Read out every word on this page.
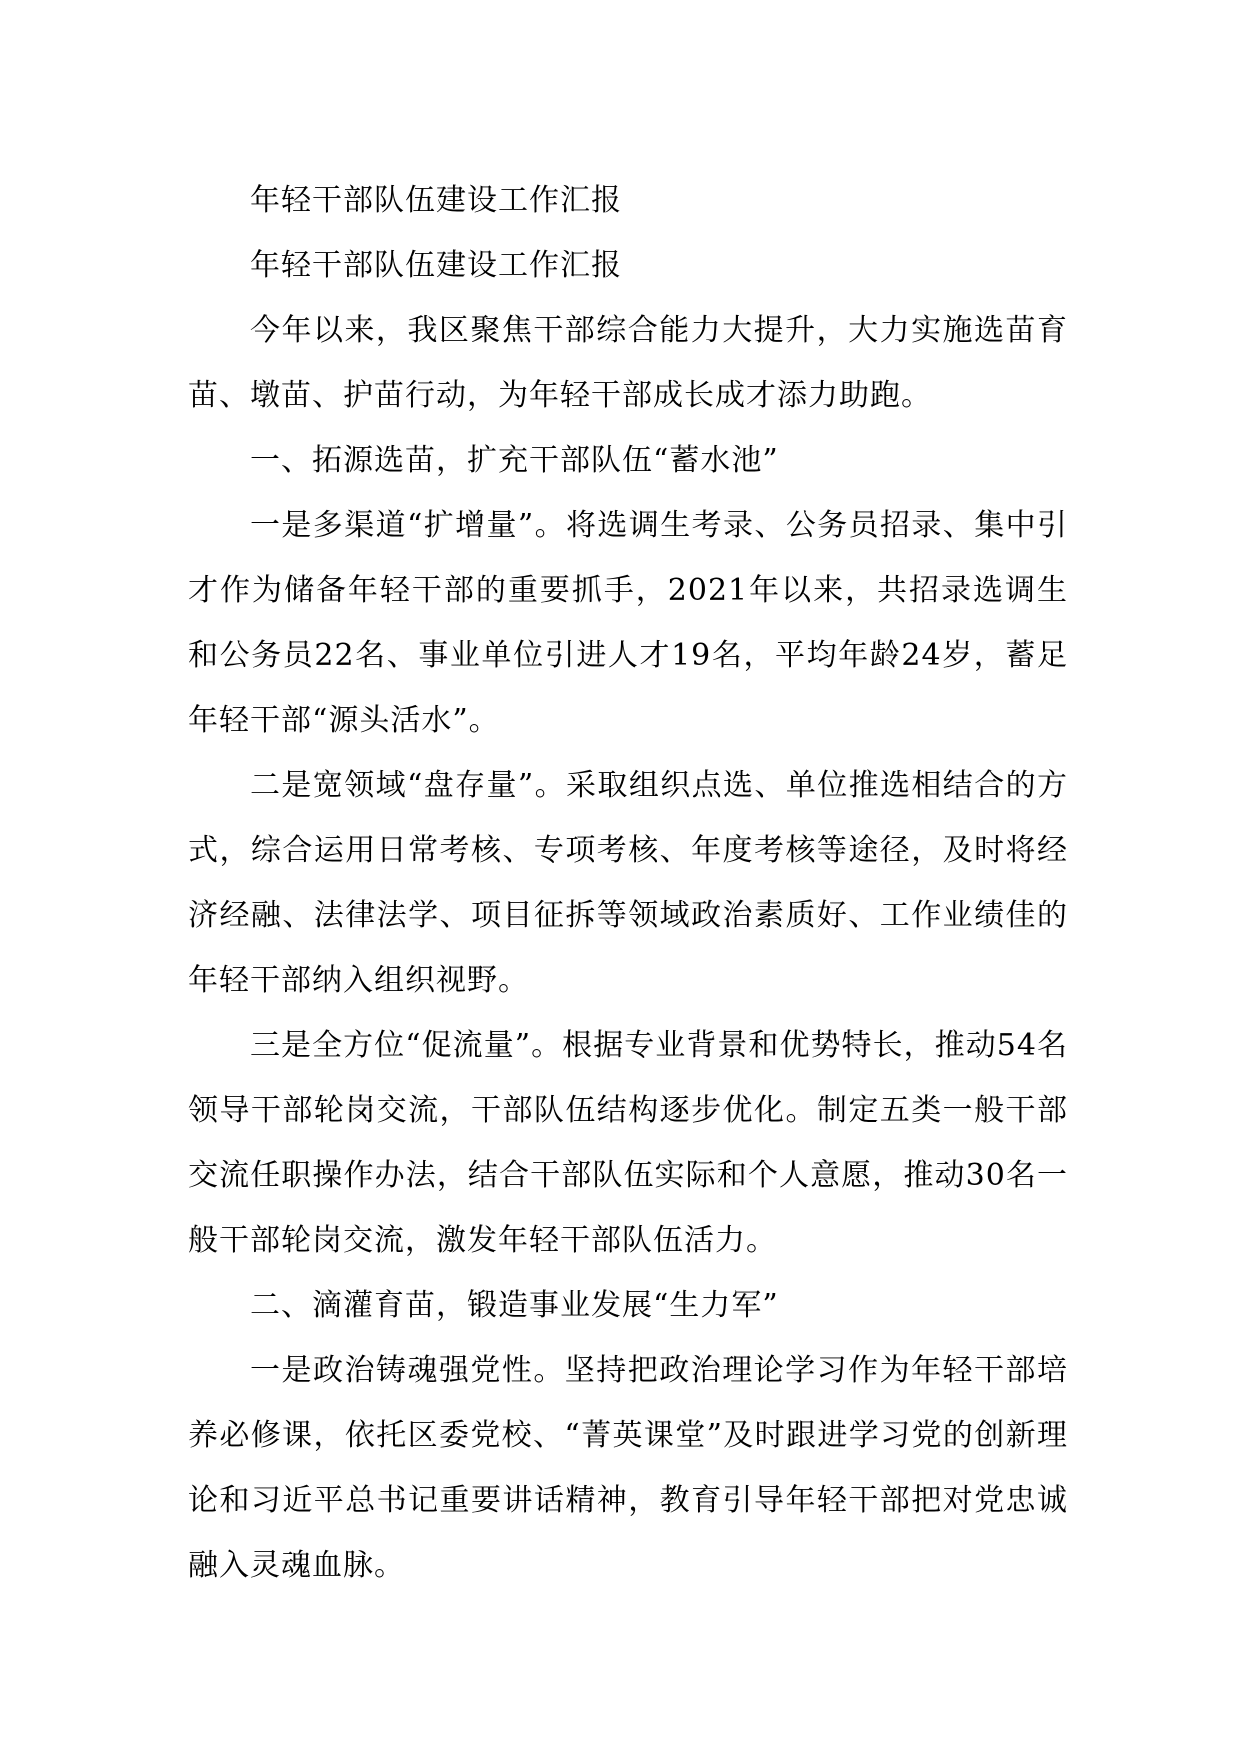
年轻干部队伍建设工作汇报

年轻干部队伍建设工作汇报

今年以来，我区聚焦干部综合能力大提升，大力实施选苗育苗、墩苗、护苗行动，为年轻干部成长成才添力助跑。

一、拓源选苗，扩充干部队伍“蓄水池”

一是多渠道“扩增量”。将选调生考录、公务员招录、集中引才作为储备年轻干部的重要抓手，2021年以来，共招录选调生和公务员22名、事业单位引进人才19名，平均年龄24岁，蓄足年轻干部“源头活水”。

二是宽领域“盘存量”。采取组织点选、单位推选相结合的方式，综合运用日常考核、专项考核、年度考核等途径，及时将经济经融、法律法学、项目征拆等领域政治素质好、工作业绩佳的年轻干部纳入组织视野。

三是全方位“促流量”。根据专业背景和优势特长，推动54名领导干部轮岗交流，干部队伍结构逐步优化。制定五类一般干部交流任职操作办法，结合干部队伍实际和个人意愿，推动30名一般干部轮岗交流，激发年轻干部队伍活力。

二、滴灌育苗，锻造事业发展“生力军”

一是政治铸魂强党性。坚持把政治理论学习作为年轻干部培养必修课，依托区委党校、“菁英课堂”及时跟进学习党的创新理论和习近平总书记重要讲话精神，教育引导年轻干部把对党忠诚融入灵魂血脉。
